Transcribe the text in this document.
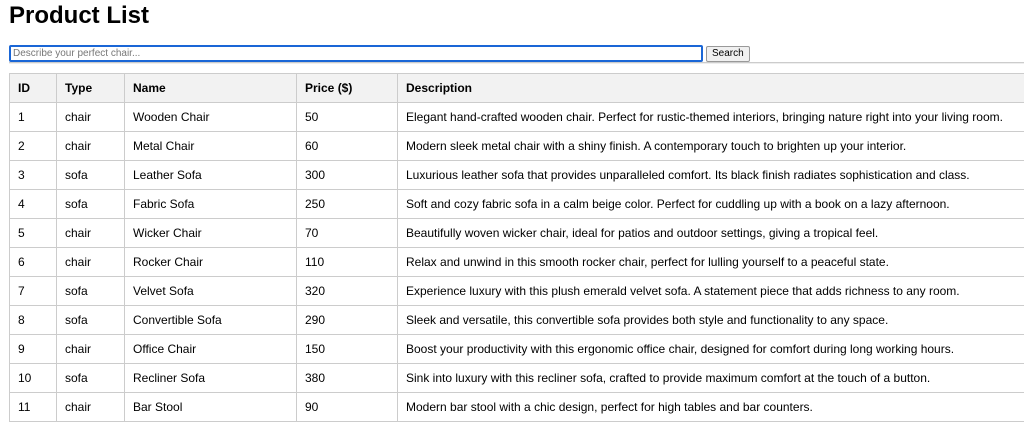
Product List
Describe your perfect chair...
Search
ID	Type	Name	Price ($)	Description
1	chair	Wooden Chair	50	Elegant hand-crafted wooden chair. Perfect for rustic-themed interiors, bringing nature right into your living room.
2	chair	Metal Chair	60	Modern sleek metal chair with a shiny finish. A contemporary touch to brighten up your interior.
3	sofa	Leather Sofa	300	Luxurious leather sofa that provides unparalleled comfort. Its black finish radiates sophistication and class.
4	sofa	Fabric Sofa	250	Soft and cozy fabric sofa in a calm beige color. Perfect for cuddling up with a book on a lazy afternoon.
5	chair	Wicker Chair	70	Beautifully woven wicker chair, ideal for patios and outdoor settings, giving a tropical feel.
6	chair	Rocker Chair	110	Relax and unwind in this smooth rocker chair, perfect for lulling yourself to a peaceful state.
7	sofa	Velvet Sofa	320	Experience luxury with this plush emerald velvet sofa. A statement piece that adds richness to any room.
8	sofa	Convertible Sofa	290	Sleek and versatile, this convertible sofa provides both style and functionality to any space.
9	chair	Office Chair	150	Boost your productivity with this ergonomic office chair, designed for comfort during long working hours.
10	sofa	Recliner Sofa	380	Sink into luxury with this recliner sofa, crafted to provide maximum comfort at the touch of a button.
11	chair	Bar Stool	90	Modern bar stool with a chic design, perfect for high tables and bar counters.
